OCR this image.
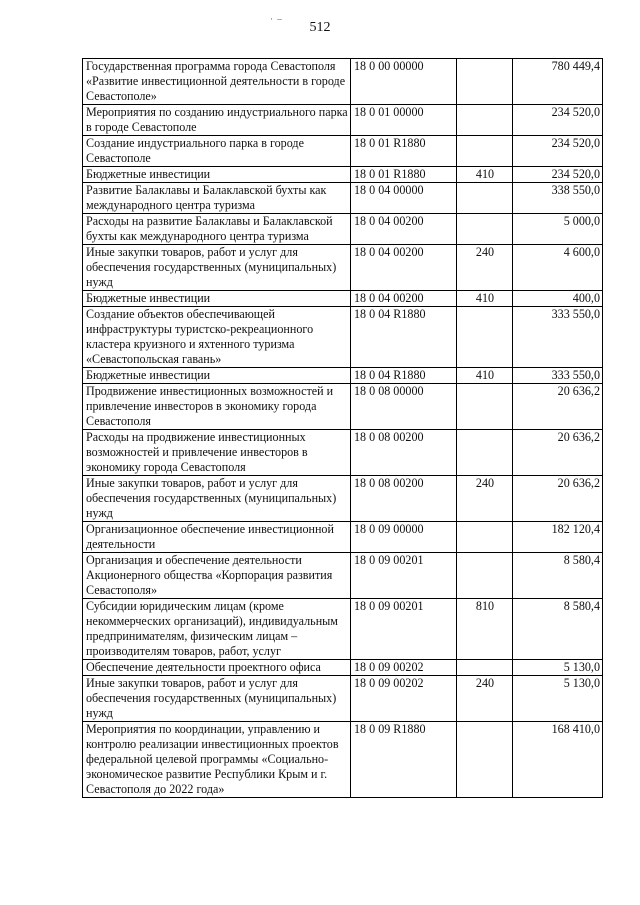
· –
512
Государственная программа города Севастополя «Развитие инвестиционной деятельности в городе Севастополе»	18 0 00 00000		780 449,4
Мероприятия по созданию индустриального парка в городе Севастополе	18 0 01 00000		234 520,0
Создание индустриального парка в городе Севастополе	18 0 01 R1880		234 520,0
Бюджетные инвестиции	18 0 01 R1880	410	234 520,0
Развитие Балаклавы и Балаклавской бухты как международного центра туризма	18 0 04 00000		338 550,0
Расходы на развитие Балаклавы и Балаклавской бухты как международного центра туризма	18 0 04 00200		5 000,0
Иные закупки товаров, работ и услуг для обеспечения государственных (муниципальных) нужд	18 0 04 00200	240	4 600,0
Бюджетные инвестиции	18 0 04 00200	410	400,0
Создание объектов обеспечивающей инфраструктуры туристско-рекреационного кластера круизного и яхтенного туризма «Севастопольская гавань»	18 0 04 R1880		333 550,0
Бюджетные инвестиции	18 0 04 R1880	410	333 550,0
Продвижение инвестиционных возможностей и привлечение инвесторов в экономику города Севастополя	18 0 08 00000		20 636,2
Расходы на продвижение инвестиционных возможностей и привлечение инвесторов в экономику города Севастополя	18 0 08 00200		20 636,2
Иные закупки товаров, работ и услуг для обеспечения государственных (муниципальных) нужд	18 0 08 00200	240	20 636,2
Организационное обеспечение инвестиционной деятельности	18 0 09 00000		182 120,4
Организация и обеспечение деятельности Акционерного общества «Корпорация развития Севастополя»	18 0 09 00201		8 580,4
Субсидии юридическим лицам (кроме некоммерческих организаций), индивидуальным предпринимателям, физическим лицам – производителям товаров, работ, услуг	18 0 09 00201	810	8 580,4
Обеспечение деятельности проектного офиса	18 0 09 00202		5 130,0
Иные закупки товаров, работ и услуг для обеспечения государственных (муниципальных) нужд	18 0 09 00202	240	5 130,0
Мероприятия по координации, управлению и контролю реализации инвестиционных проектов федеральной целевой программы «Социально-экономическое развитие Республики Крым и г. Севастополя до 2022 года»	18 0 09 R1880		168 410,0
